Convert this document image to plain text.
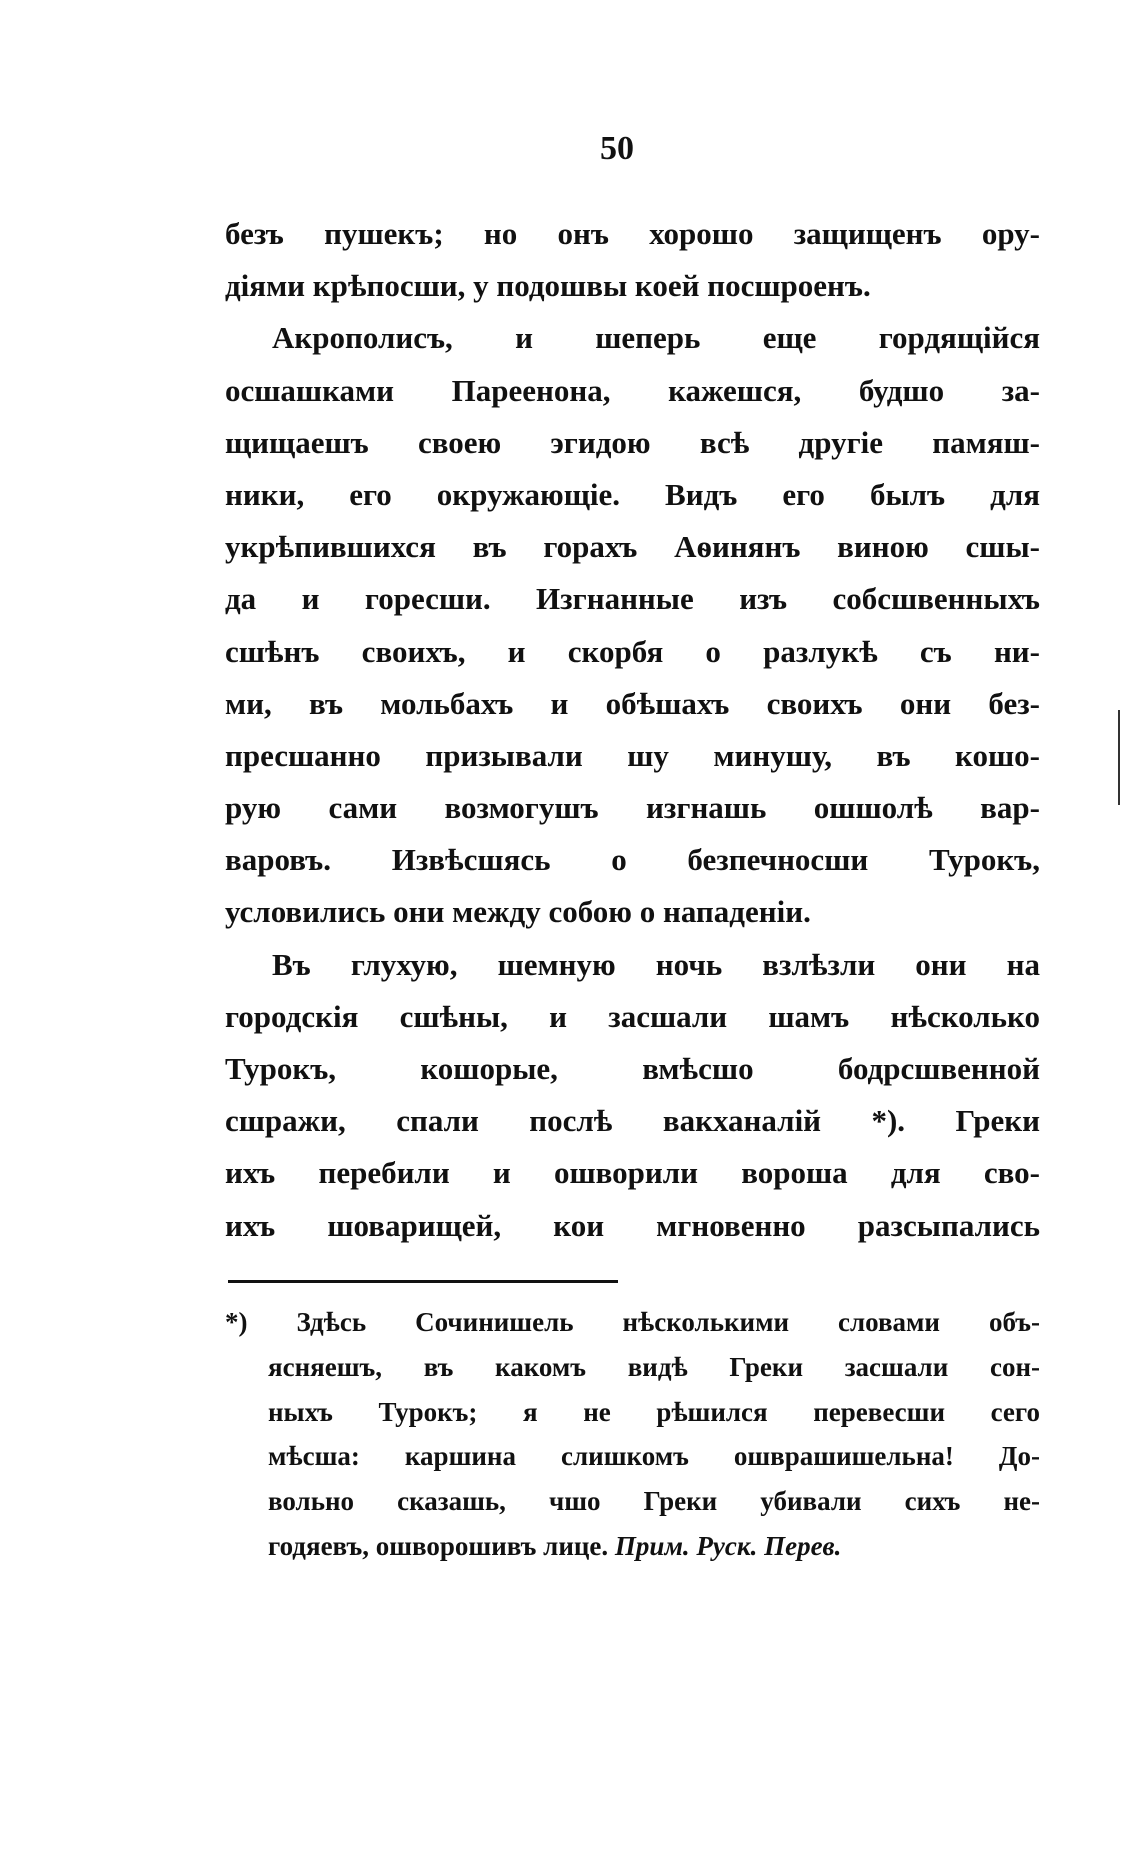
50
безъ пушекъ; но онъ хорошо защищенъ ору-
діями крѣпосши, у подошвы коей посшроенъ.
Акрополисъ, и шеперь еще гордящійся
осшашками Пареенона, кажешся, будшо за-
щищаешъ своею эгидою всѣ другіе памяш-
ники, его окружающіе. Видъ его былъ для
укрѣпившихся въ горахъ Аѳинянъ виною сшы-
да и горесши. Изгнанные изъ собсшвенныхъ
сшѣнъ своихъ, и скорбя о разлукѣ съ ни-
ми, въ мольбахъ и обѣшахъ своихъ они без-
пресшанно призывали шу минушу, въ кошо-
рую сами возмогушъ изгнашь ошшолѣ вар-
варовъ. Извѣсшясь о безпечносши Турокъ,
условились они между собою о нападеніи.
Въ глухую, шемную ночь взлѣзли они на
городскія сшѣны, и засшали шамъ нѣсколько
Турокъ, кошорые, вмѣсшо бодрсшвенной
сшражи, спали послѣ вакханалій *). Греки
ихъ перебили и ошворили ворошa для сво-
ихъ шоварищей, кои мгновенно разсыпались
*) Здѣсь Сочинишель нѣсколькими словами объ-
ясняешъ, въ какомъ видѣ Греки засшали сон-
ныхъ Турокъ; я не рѣшился перевесши сего
мѣсша: каршина слишкомъ ошврашишельна! До-
вольно сказашь, чшо Греки убивали сихъ не-
годяевъ, ошворошивъ лице. Прим. Руск. Перев.
